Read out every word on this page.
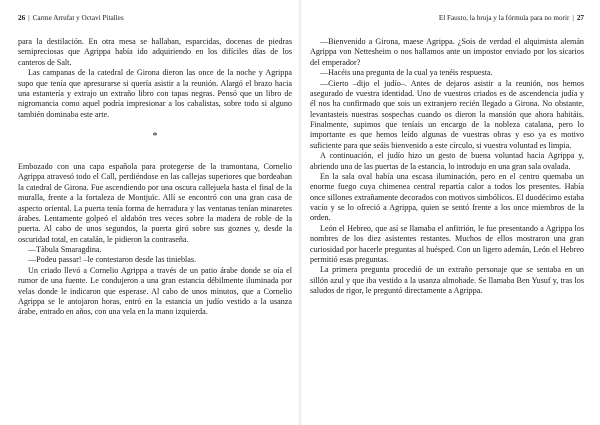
26 | Carme Arrufat y Octavi Pitalles

para la destilación. En otra mesa se hallaban, esparcidas, docenas de piedras semipreciosas que Agrippa había ido adquiriendo en los difíciles días de los canteros de Salt.

Las campanas de la catedral de Girona dieron las once de la noche y Agrippa supo que tenía que apresurarse si quería asistir a la reunión. Alargó el brazo hacia una estantería y extrajo un extraño libro con tapas negras. Pensó que un libro de nigromancia como aquel podría impresionar a los cabalistas, sobre todo si alguno también dominaba este arte.

*

Embozado con una capa española para protegerse de la tramontana, Cornelio Agrippa atravesó todo el Call, perdiéndose en las callejas superiores que bordeaban la catedral de Girona. Fue ascendiendo por una oscura callejuela hasta el final de la muralla, frente a la fortaleza de Montjuïc. Allí se encontró con una gran casa de aspecto oriental. La puerta tenía forma de herradura y las ventanas tenían minaretes árabes. Lentamente golpeó el aldabón tres veces sobre la madera de roble de la puerta. Al cabo de unos segundos, la puerta giró sobre sus goznes y, desde la oscuridad total, en catalán, le pidieron la contraseña.

—Tàbula Smaragdina.

—Podeu passar! –le contestaron desde las tinieblas.

Un criado llevó a Cornelio Agrippa a través de un patio árabe donde se oía el rumor de una fuente. Le condujeron a una gran estancia débilmente iluminada por velas donde le indicaron que esperase. Al cabo de unos minutos, que a Cornelio Agrippa se le antojaron horas, entró en la estancia un judío vestido a la usanza árabe, entrado en años, con una vela en la mano izquierda.

El Fausto, la bruja y la fórmula para no morir | 27

—Bienvenido a Girona, maese Agrippa. ¿Sois de verdad el alquimista alemán Agrippa von Nettesheim o nos hallamos ante un impostor enviado por los sicarios del emperador?

—Hacéis una pregunta de la cual ya tenéis respuesta.

—Cierto –dijo el judío–. Antes de dejaros asistir a la reunión, nos hemos asegurado de vuestra identidad. Uno de vuestros criados es de ascendencia judía y él nos ha confirmado que sois un extranjero recién llegado a Girona. No obstante, levantasteis nuestras sospechas cuando os dieron la mansión que ahora habitáis. Finalmente, supimos que teníais un encargo de la nobleza catalana, pero lo importante es que hemos leído algunas de vuestras obras y eso ya es motivo suficiente para que seáis bienvenido a este círculo, si vuestra voluntad es limpia.

A continuación, el judío hizo un gesto de buena voluntad hacia Agrippa y, abriendo una de las puertas de la estancia, lo introdujo en una gran sala ovalada.

En la sala oval había una escasa iluminación, pero en el centro quemaba un enorme fuego cuya chimenea central repartía calor a todos los presentes. Había once sillones extrañamente decorados con motivos simbólicos. El duodécimo estaba vacío y se lo ofreció a Agrippa, quien se sentó frente a los once miembros de la orden.

León el Hebreo, que así se llamaba el anfitrión, le fue presentando a Agrippa los nombres de los diez asistentes restantes. Muchos de ellos mostraron una gran curiosidad por hacerle preguntas al huésped. Con un ligero ademán, León el Hebreo permitió esas preguntas.

La primera pregunta procedió de un extraño personaje que se sentaba en un sillón azul y que iba vestido a la usanza almohade. Se llamaba Ben Yusuf y, tras los saludos de rigor, le preguntó directamente a Agrippa.
